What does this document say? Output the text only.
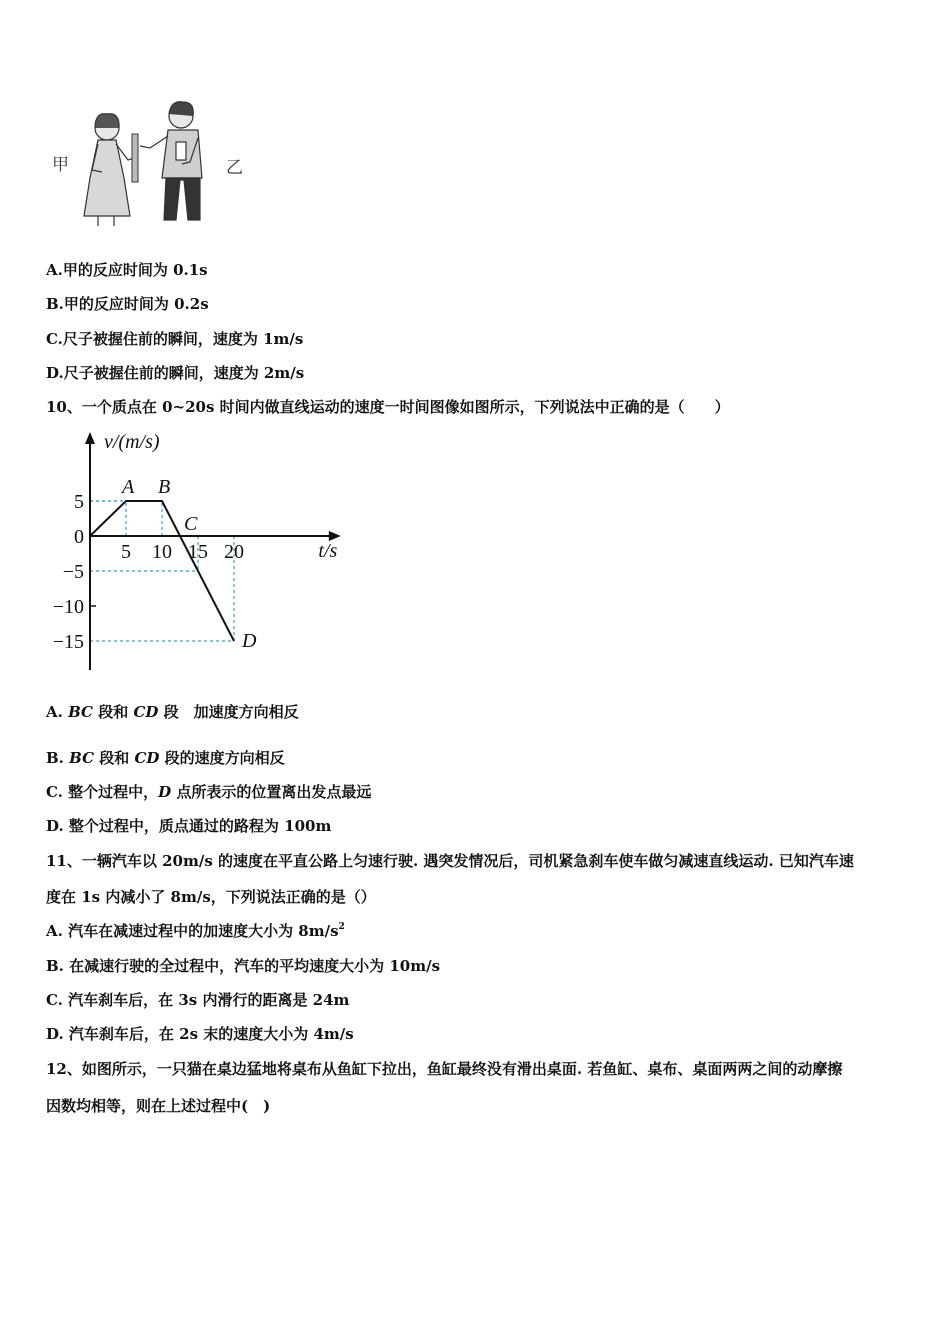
甲	乙
A.甲的反应时间为 0.1s
B.甲的反应时间为 0.2s
C.尺子被握住前的瞬间，速度为 1m/s
D.尺子被握住前的瞬间，速度为 2m/s
10、一个质点在 0~20s 时间内做直线运动的速度一时间图像如图所示，下列说法中正确的是（　　）
v/(m/s)
t/s
5 10 15 20
5
0
−5
−10
−15
A B
C
D
A. BC 段和 CD 段　加速度方向相反
B. BC 段和 CD 段的速度方向相反
C. 整个过程中，D 点所表示的位置离出发点最远
D. 整个过程中，质点通过的路程为 100m
11、一辆汽车以 20m/s 的速度在平直公路上匀速行驶. 遇突发情况后，司机紧急刹车使车做匀减速直线运动. 已知汽车速
度在 1s 内减小了 8m/s，下列说法正确的是（）
A. 汽车在减速过程中的加速度大小为 $8m/s^2$
B. 在减速行驶的全过程中，汽车的平均速度大小为 10m/s
C. 汽车刹车后，在 3s 内滑行的距离是 24m
D. 汽车刹车后，在 2s 末的速度大小为 4m/s
12、如图所示，一只猫在桌边猛地将桌布从鱼缸下拉出，鱼缸最终没有滑出桌面. 若鱼缸、桌布、桌面两两之间的动摩擦
因数均相等，则在上述过程中(　)
